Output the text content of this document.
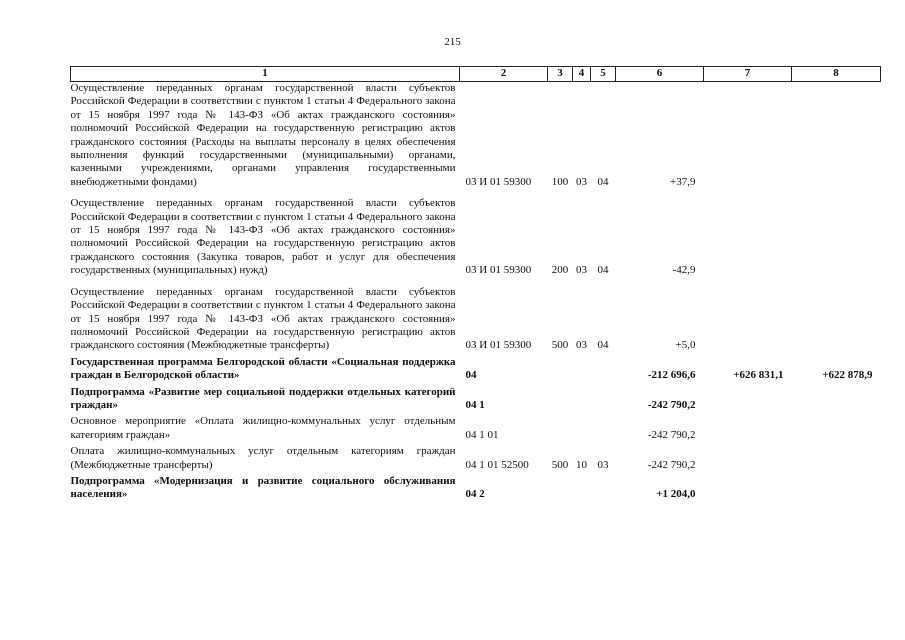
215
1	2	3	4	5	6	7	8
Осуществление переданных органам государственной власти субъектов Российской Федерации в соответствии с пунктом 1 статьи 4 Федерального закона от 15 ноября 1997 года № 143-ФЗ «Об актах гражданского состояния» полномочий Российской Федерации на государственную регистрацию актов гражданского состояния (Расходы на выплаты персоналу в целях обеспечения выполнения функций государственными (муниципальными) органами, казенными учреждениями, органами управления государственными внебюджетными фондами)	03 И 01 59300	100	03	04	+37,9		
Осуществление переданных органам государственной власти субъектов Российской Федерации в соответствии с пунктом 1 статьи 4 Федерального закона от 15 ноября 1997 года № 143-ФЗ «Об актах гражданского состояния» полномочий Российской Федерации на государственную регистрацию актов гражданского состояния (Закупка товаров, работ и услуг для обеспечения государственных (муниципальных) нужд)	03 И 01 59300	200	03	04	-42,9		
Осуществление переданных органам государственной власти субъектов Российской Федерации в соответствии с пунктом 1 статьи 4 Федерального закона от 15 ноября 1997 года № 143-ФЗ «Об актах гражданского состояния» полномочий Российской Федерации на государственную регистрацию актов гражданского состояния (Межбюджетные трансферты)	03 И 01 59300	500	03	04	+5,0		
Государственная программа Белгородской области «Социальная поддержка граждан в Белгородской области»	04				-212 696,6	+626 831,1	+622 878,9
Подпрограмма «Развитие мер социальной поддержки отдельных категорий граждан»	04 1				-242 790,2		
Основное мероприятие «Оплата жилищно-коммунальных услуг отдельным категориям граждан»	04 1 01				-242 790,2		
Оплата жилищно-коммунальных услуг отдельным категориям граждан (Межбюджетные трансферты)	04 1 01 52500	500	10	03	-242 790,2		
Подпрограмма «Модернизация и развитие социального обслуживания населения»	04 2				+1 204,0		
